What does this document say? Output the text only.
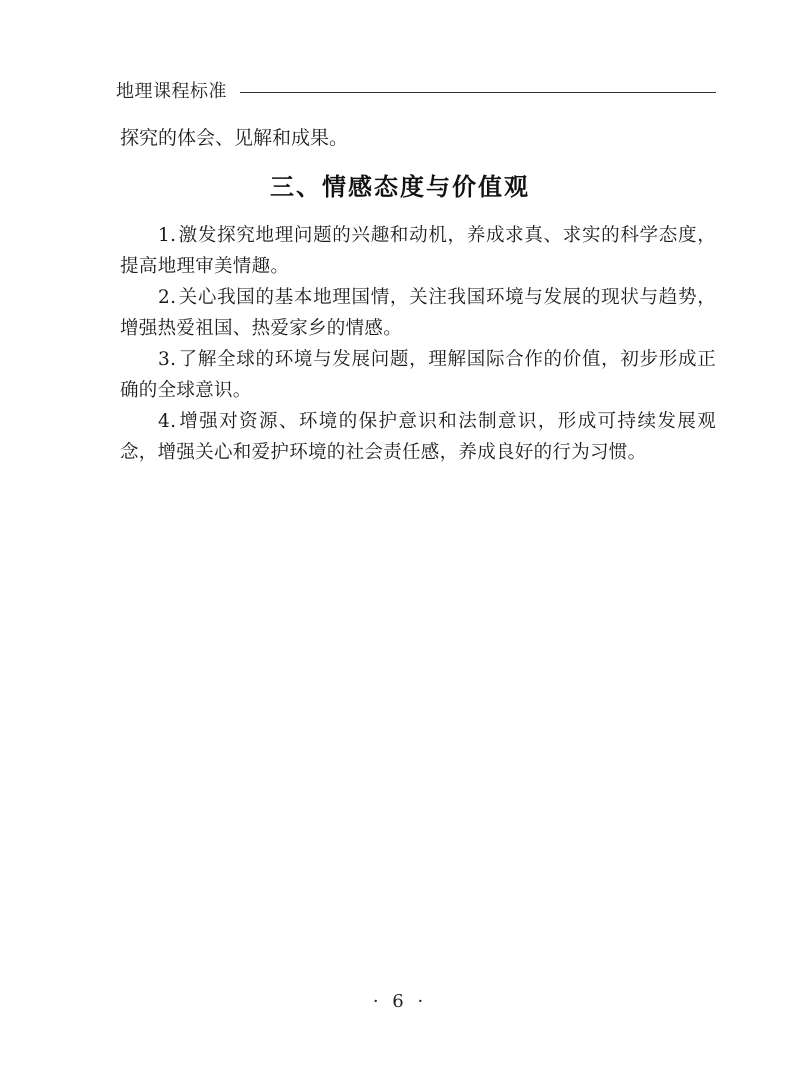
地理课程标准
探究的体会、见解和成果。
三、情感态度与价值观

1. 激发探究地理问题的兴趣和动机，养成求真、求实的科学态度，提高地理审美情趣。

2. 关心我国的基本地理国情，关注我国环境与发展的现状与趋势，增强热爱祖国、热爱家乡的情感。

3. 了解全球的环境与发展问题，理解国际合作的价值，初步形成正确的全球意识。

4. 增强对资源、环境的保护意识和法制意识，形成可持续发展观念，增强关心和爱护环境的社会责任感，养成良好的行为习惯。

· 6 ·
